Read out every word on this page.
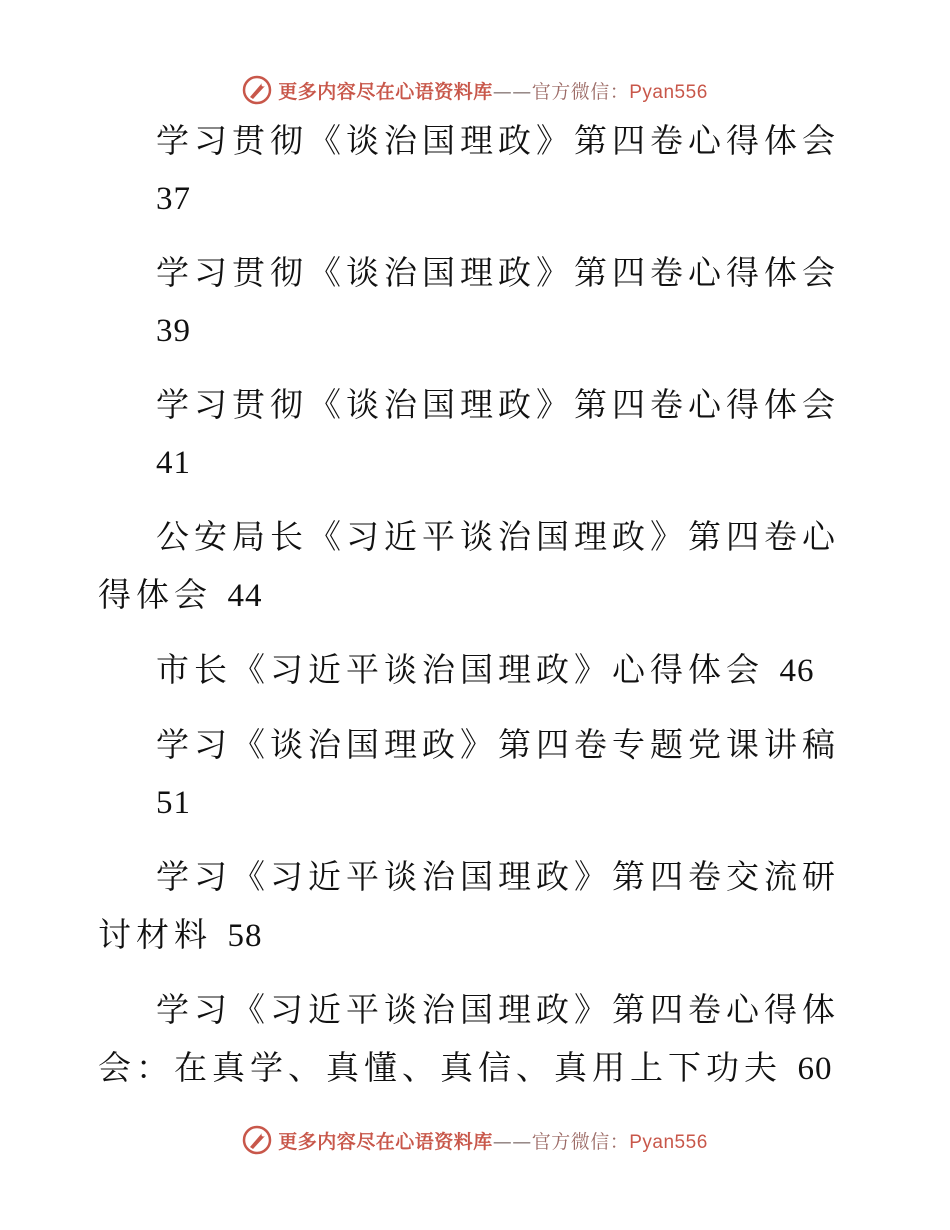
更多内容尽在心语资料库——官方微信：Pyan556

学习贯彻《谈治国理政》第四卷心得体会
37

学习贯彻《谈治国理政》第四卷心得体会
39

学习贯彻《谈治国理政》第四卷心得体会
41

公安局长《习近平谈治国理政》第四卷心得体会 44

市长《习近平谈治国理政》心得体会 46

学习《谈治国理政》第四卷专题党课讲稿
51

学习《习近平谈治国理政》第四卷交流研讨材料 58

学习《习近平谈治国理政》第四卷心得体会：在真学、真懂、真信、真用上下功夫 60

更多内容尽在心语资料库——官方微信：Pyan556
